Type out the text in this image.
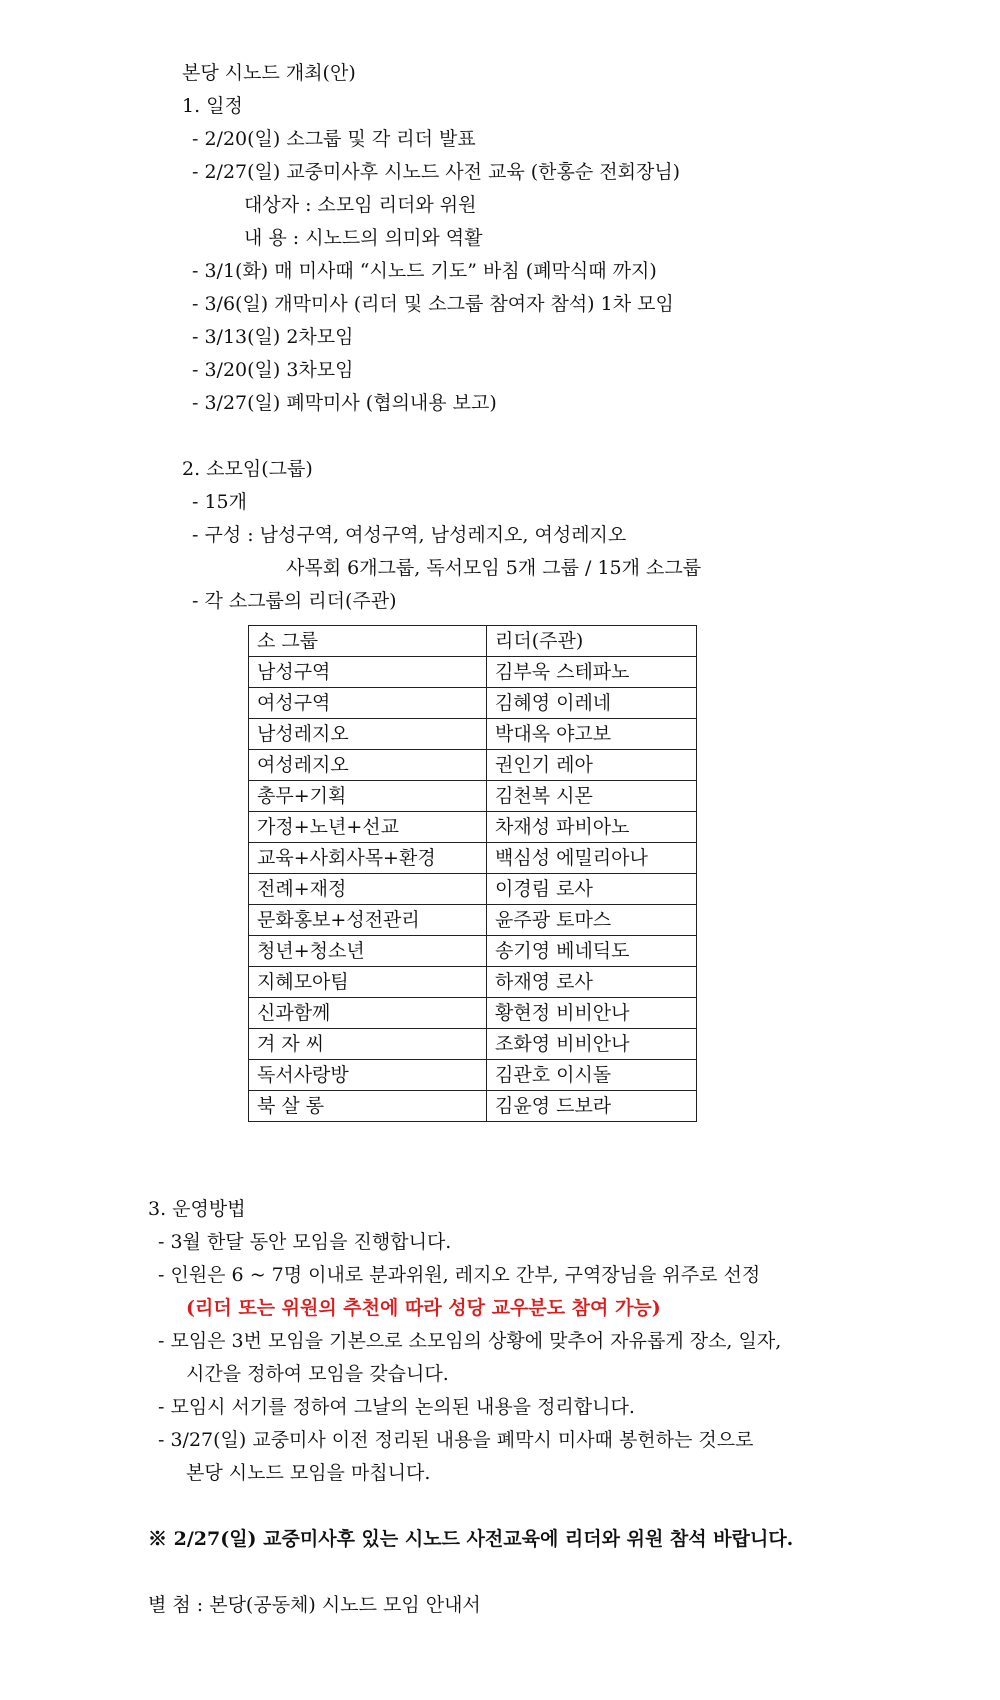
본당 시노드 개최(안)
1. 일정
- 2/20(일) 소그룹 및 각 리더 발표
- 2/27(일) 교중미사후 시노드 사전 교육 (한홍순 전회장님)
대상자 : 소모임 리더와 위원
내 용 : 시노드의 의미와 역활
- 3/1(화) 매 미사때 “시노드 기도” 바침 (폐막식때 까지)
- 3/6(일) 개막미사 (리더 및 소그룹 참여자 참석) 1차 모임
- 3/13(일) 2차모임
- 3/20(일) 3차모임
- 3/27(일) 폐막미사 (협의내용 보고)
2. 소모임(그룹)
- 15개
- 구성 : 남성구역, 여성구역, 남성레지오, 여성레지오
사목회 6개그룹, 독서모임 5개 그룹 / 15개 소그룹
- 각 소그룹의 리더(주관)
소 그룹	리더(주관)
남성구역	김부욱 스테파노
여성구역	김혜영 이레네
남성레지오	박대옥 야고보
여성레지오	권인기 레아
총무+기획	김천복 시몬
가정+노년+선교	차재성 파비아노
교육+사회사목+환경	백심성 에밀리아나
전례+재정	이경림 로사
문화홍보+성전관리	윤주광 토마스
청년+청소년	송기영 베네딕도
지혜모아팀	하재영 로사
신과함께	황현정 비비안나
겨 자 씨	조화영 비비안나
독서사랑방	김관호 이시돌
북 살 롱	김윤영 드보라
3. 운영방법
- 3월 한달 동안 모임을 진행합니다.
- 인원은 6 ~ 7명 이내로 분과위원, 레지오 간부, 구역장님을 위주로 선정
(리더 또는 위원의 추천에 따라 성당 교우분도 참여 가능)
- 모임은 3번 모임을 기본으로 소모임의 상황에 맞추어 자유롭게 장소, 일자,
시간을 정하여 모임을 갖습니다.
- 모임시 서기를 정하여 그날의 논의된 내용을 정리합니다.
- 3/27(일) 교중미사 이전 정리된 내용을 폐막시 미사때 봉헌하는 것으로
본당 시노드 모임을 마칩니다.
※ 2/27(일) 교중미사후 있는 시노드 사전교육에 리더와 위원 참석 바랍니다.
별 첨 : 본당(공동체) 시노드 모임 안내서
